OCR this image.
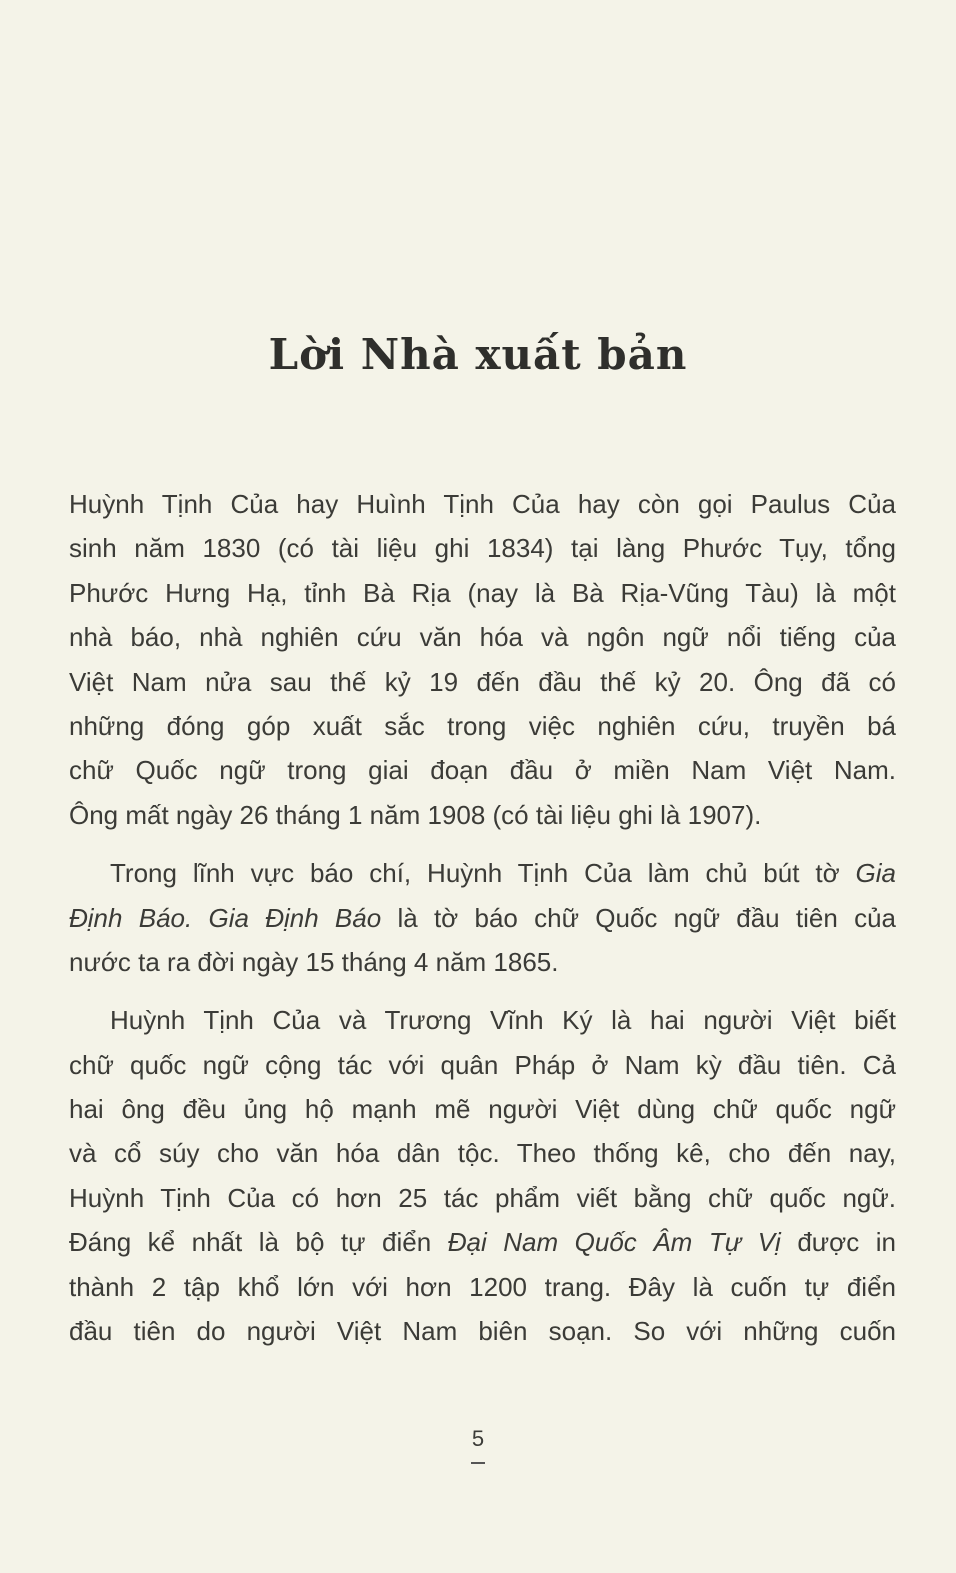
Lời Nhà xuất bản
Huỳnh Tịnh Của hay Huình Tịnh Của hay còn gọi Paulus Của
sinh năm 1830 (có tài liệu ghi 1834) tại làng Phước Tụy, tổng
Phước Hưng Hạ, tỉnh Bà Rịa (nay là Bà Rịa-Vũng Tàu) là một
nhà báo, nhà nghiên cứu văn hóa và ngôn ngữ nổi tiếng của
Việt Nam nửa sau thế kỷ 19 đến đầu thế kỷ 20. Ông đã có
những đóng góp xuất sắc trong việc nghiên cứu, truyền bá
chữ Quốc ngữ trong giai đoạn đầu ở miền Nam Việt Nam.
Ông mất ngày 26 tháng 1 năm 1908 (có tài liệu ghi là 1907).
Trong lĩnh vực báo chí, Huỳnh Tịnh Của làm chủ bút tờ Gia
Định Báo. Gia Định Báo là tờ báo chữ Quốc ngữ đầu tiên của
nước ta ra đời ngày 15 tháng 4 năm 1865.
Huỳnh Tịnh Của và Trương Vĩnh Ký là hai người Việt biết
chữ quốc ngữ cộng tác với quân Pháp ở Nam kỳ đầu tiên. Cả
hai ông đều ủng hộ mạnh mẽ người Việt dùng chữ quốc ngữ
và cổ súy cho văn hóa dân tộc. Theo thống kê, cho đến nay,
Huỳnh Tịnh Của có hơn 25 tác phẩm viết bằng chữ quốc ngữ.
Đáng kể nhất là bộ tự điển Đại Nam Quốc Âm Tự Vị được in
thành 2 tập khổ lớn với hơn 1200 trang. Đây là cuốn tự điển
đầu tiên do người Việt Nam biên soạn. So với những cuốn
5
